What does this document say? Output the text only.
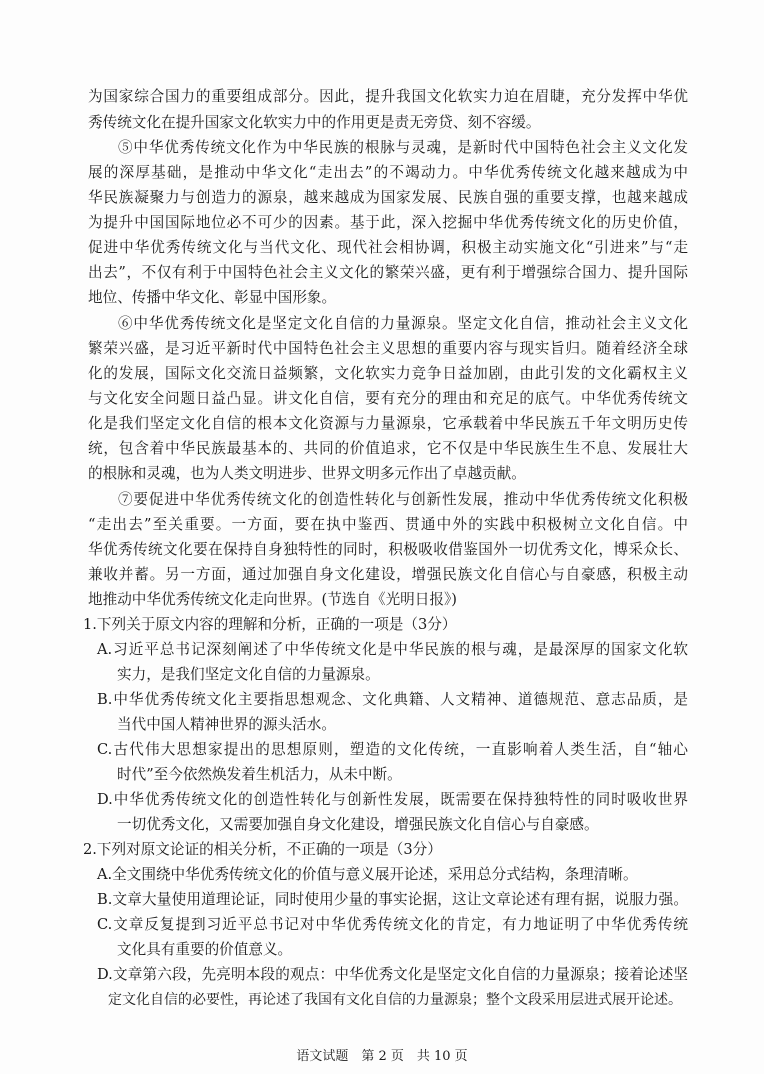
为国家综合国力的重要组成部分。因此，提升我国文化软实力迫在眉睫，充分发挥中华优
秀传统文化在提升国家文化软实力中的作用更是责无旁贷、刻不容缓。
⑤中华优秀传统文化作为中华民族的根脉与灵魂，是新时代中国特色社会主义文化发
展的深厚基础，是推动中华文化“走出去”的不竭动力。中华优秀传统文化越来越成为中
华民族凝聚力与创造力的源泉，越来越成为国家发展、民族自强的重要支撑，也越来越成
为提升中国国际地位必不可少的因素。基于此，深入挖掘中华优秀传统文化的历史价值，
促进中华优秀传统文化与当代文化、现代社会相协调，积极主动实施文化“引进来”与“走
出去”，不仅有利于中国特色社会主义文化的繁荣兴盛，更有利于增强综合国力、提升国际
地位、传播中华文化、彰显中国形象。
⑥中华优秀传统文化是坚定文化自信的力量源泉。坚定文化自信，推动社会主义文化
繁荣兴盛，是习近平新时代中国特色社会主义思想的重要内容与现实旨归。随着经济全球
化的发展，国际文化交流日益频繁，文化软实力竞争日益加剧，由此引发的文化霸权主义
与文化安全问题日益凸显。讲文化自信，要有充分的理由和充足的底气。中华优秀传统文
化是我们坚定文化自信的根本文化资源与力量源泉，它承载着中华民族五千年文明历史传
统，包含着中华民族最基本的、共同的价值追求，它不仅是中华民族生生不息、发展壮大
的根脉和灵魂，也为人类文明进步、世界文明多元作出了卓越贡献。
⑦要促进中华优秀传统文化的创造性转化与创新性发展，推动中华优秀传统文化积极
“走出去”至关重要。一方面，要在执中鉴西、贯通中外的实践中积极树立文化自信。中
华优秀传统文化要在保持自身独特性的同时，积极吸收借鉴国外一切优秀文化，博采众长、
兼收并蓄。另一方面，通过加强自身文化建设，增强民族文化自信心与自豪感，积极主动
地推动中华优秀传统文化走向世界。(节选自《光明日报》)
1.下列关于原文内容的理解和分析，正确的一项是（3分）
A.习近平总书记深刻阐述了中华传统文化是中华民族的根与魂，是最深厚的国家文化软
实力，是我们坚定文化自信的力量源泉。
B.中华优秀传统文化主要指思想观念、文化典籍、人文精神、道德规范、意志品质，是
当代中国人精神世界的源头活水。
C.古代伟大思想家提出的思想原则，塑造的文化传统，一直影响着人类生活，自“轴心
时代”至今依然焕发着生机活力，从未中断。
D.中华优秀传统文化的创造性转化与创新性发展，既需要在保持独特性的同时吸收世界
一切优秀文化，又需要加强自身文化建设，增强民族文化自信心与自豪感。
2.下列对原文论证的相关分析，不正确的一项是（3分）
A.全文围绕中华优秀传统文化的价值与意义展开论述，采用总分式结构，条理清晰。
B.文章大量使用道理论证，同时使用少量的事实论据，这让文章论述有理有据，说服力强。
C.文章反复提到习近平总书记对中华优秀传统文化的肯定，有力地证明了中华优秀传统
文化具有重要的价值意义。
D.文章第六段，先亮明本段的观点：中华优秀文化是坚定文化自信的力量源泉；接着论述坚
定文化自信的必要性，再论述了我国有文化自信的力量源泉；整个文段采用层进式展开论述。
语文试题　第 2 页　共 10 页
